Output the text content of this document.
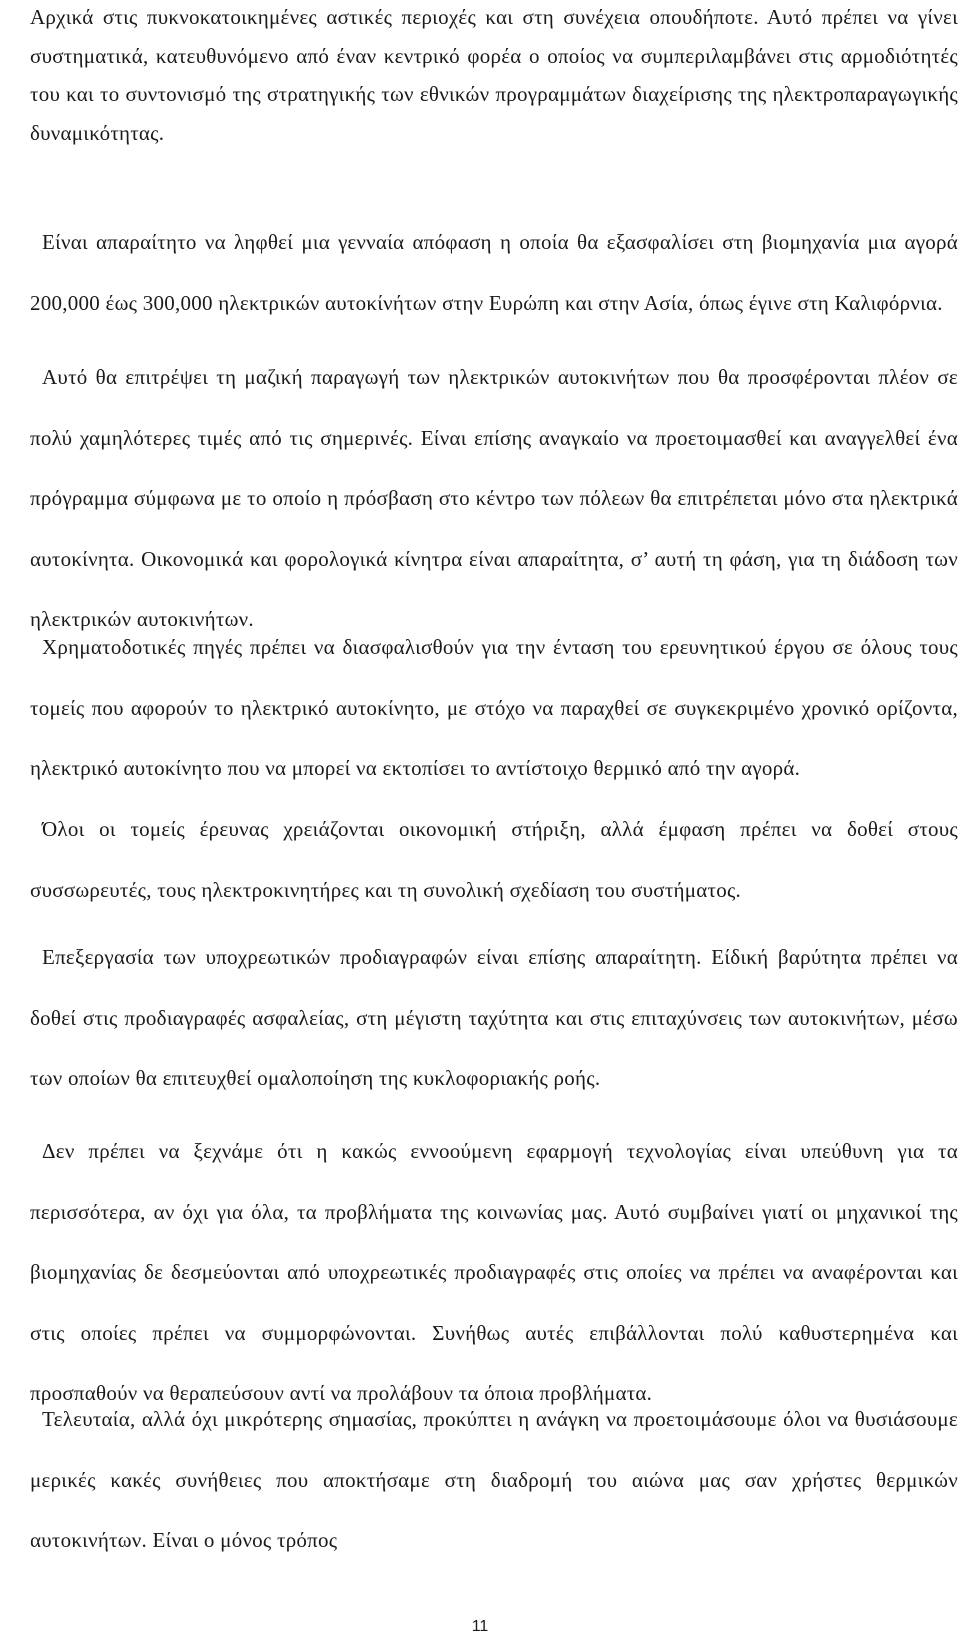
Αρχικά στις πυκνοκατοικημένες αστικές περιοχές και στη συνέχεια οπουδήποτε. Αυτό πρέπει να γίνει συστηματικά, κατευθυνόμενο από έναν κεντρικό φορέα ο οποίος να συμπεριλαμβάνει στις αρμοδιότητές του και το συντονισμό της στρατηγικής των εθνικών προγραμμάτων διαχείρισης της ηλεκτροπαραγωγικής δυναμικότητας.

Είναι απαραίτητο να ληφθεί μια γενναία απόφαση η οποία θα εξασφαλίσει στη βιομηχανία μια αγορά 200,000 έως 300,000 ηλεκτρικών αυτοκίνήτων στην Ευρώπη και στην Ασία, όπως έγινε στη Καλιφόρνια.

Αυτό θα επιτρέψει τη μαζική παραγωγή των ηλεκτρικών αυτοκινήτων που θα προσφέρονται πλέον σε πολύ χαμηλότερες τιμές από τις σημερινές. Είναι επίσης αναγκαίο να προετοιμασθεί και αναγγελθεί ένα πρόγραμμα σύμφωνα με το οποίο η πρόσβαση στο κέντρο των πόλεων θα επιτρέπεται μόνο στα ηλεκτρικά αυτοκίνητα. Οικονομικά και φορολογικά κίνητρα είναι απαραίτητα, σ’ αυτή τη φάση, για τη διάδοση των ηλεκτρικών αυτοκινήτων.

Χρηματοδοτικές πηγές πρέπει να διασφαλισθούν για την ένταση του ερευνητικού έργου σε όλους τους τομείς που αφορούν το ηλεκτρικό αυτοκίνητο, με στόχο να παραχθεί σε συγκεκριμένο χρονικό ορίζοντα, ηλεκτρικό αυτοκίνητο που να μπορεί να εκτοπίσει το αντίστοιχο θερμικό από την αγορά.

Όλοι οι τομείς έρευνας χρειάζονται οικονομική στήριξη, αλλά έμφαση πρέπει να δοθεί στους συσσωρευτές, τους ηλεκτροκινητήρες και τη συνολική σχεδίαση του συστήματος.

Επεξεργασία των υποχρεωτικών προδιαγραφών είναι επίσης απαραίτητη. Είδική βαρύτητα πρέπει να δοθεί στις προδιαγραφές ασφαλείας, στη μέγιστη ταχύτητα και στις επιταχύνσεις των αυτοκινήτων, μέσω των οποίων θα επιτευχθεί ομαλοποίηση της κυκλοφοριακής ροής.

Δεν πρέπει να ξεχνάμε ότι η κακώς εννοούμενη εφαρμογή τεχνολογίας είναι υπεύθυνη για τα περισσότερα, αν όχι για όλα, τα προβλήματα της κοινωνίας μας. Αυτό συμβαίνει γιατί οι μηχανικοί της βιομηχανίας δε δεσμεύονται από υποχρεωτικές προδιαγραφές στις οποίες να πρέπει να αναφέρονται και στις οποίες πρέπει να συμμορφώνονται. Συνήθως αυτές επιβάλλονται πολύ καθυστερημένα και προσπαθούν να θεραπεύσουν αντί να προλάβουν τα όποια προβλήματα.

Τελευταία, αλλά όχι μικρότερης σημασίας, προκύπτει η ανάγκη να προετοιμάσουμε όλοι να θυσιάσουμε μερικές κακές συνήθειες που αποκτήσαμε στη διαδρομή του αιώνα μας σαν χρήστες θερμικών αυτοκινήτων. Είναι ο μόνος τρόπος

11
